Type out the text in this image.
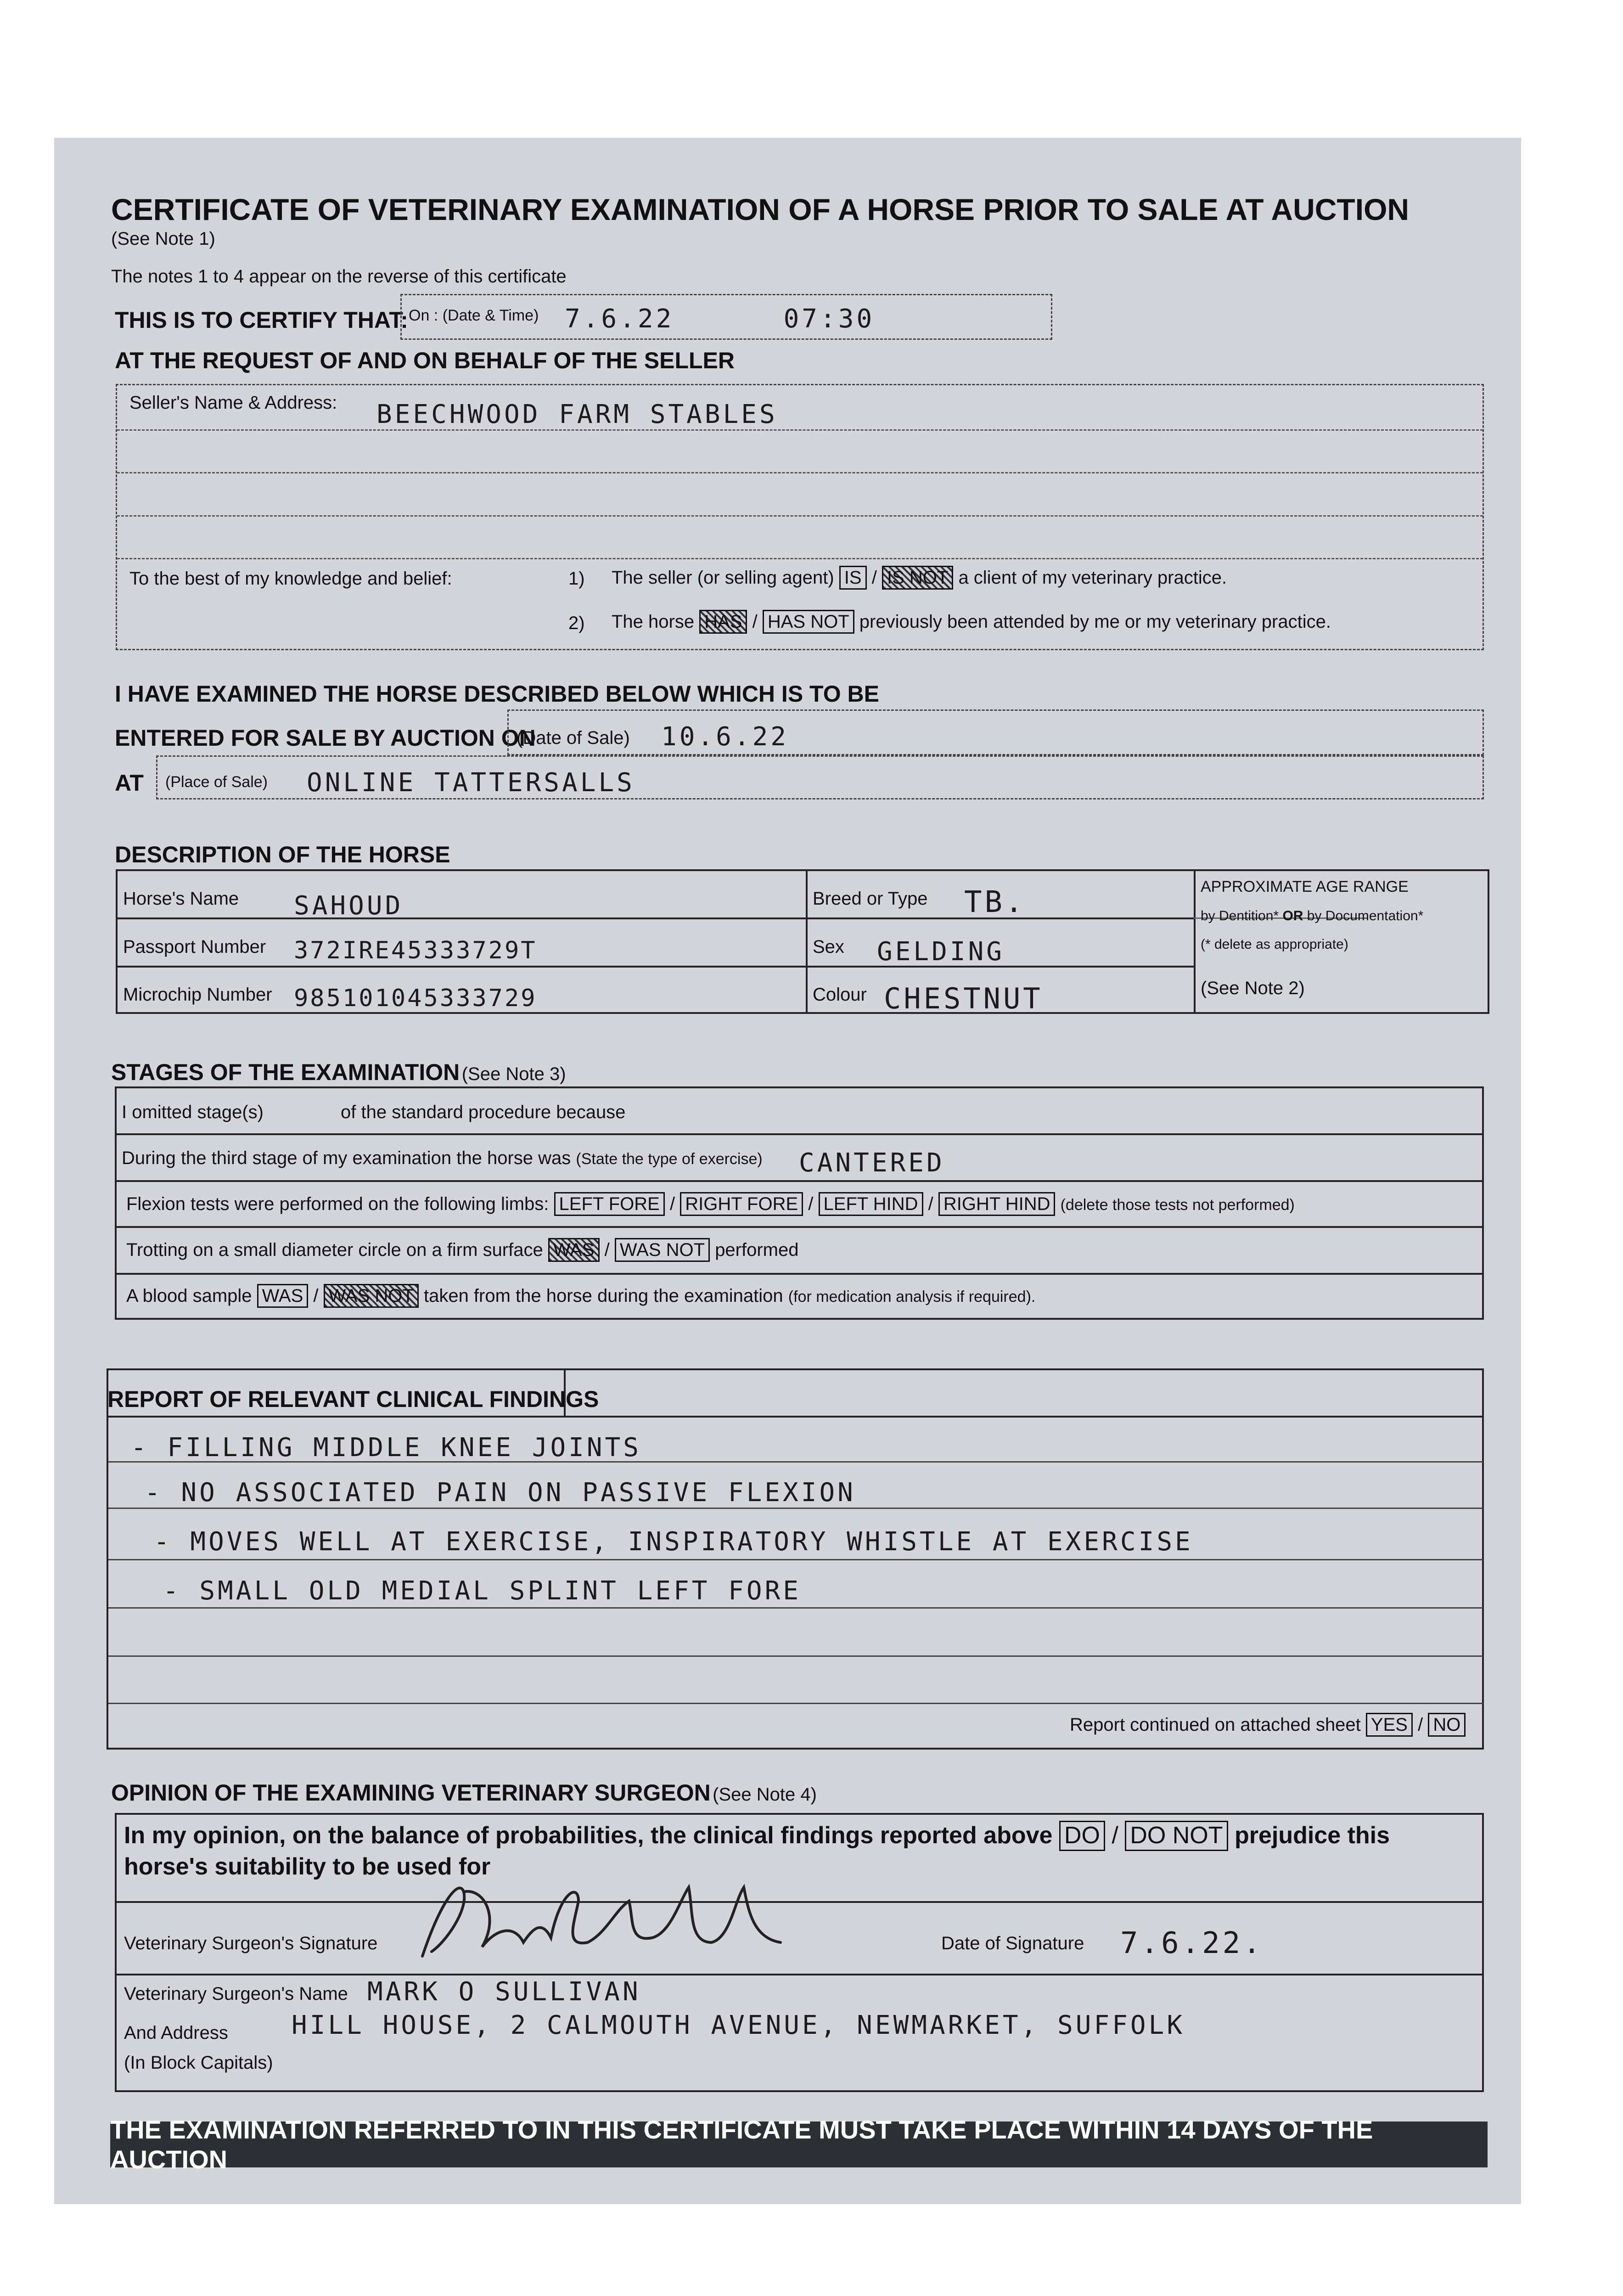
CERTIFICATE OF VETERINARY EXAMINATION OF A HORSE PRIOR TO SALE AT AUCTION
(See Note 1)
The notes 1 to 4 appear on the reverse of this certificate
THIS IS TO CERTIFY THAT: On : (Date & Time) 7.6.22      07:30
AT THE REQUEST OF AND ON BEHALF OF THE SELLER
Seller's Name & Address: BEECHWOOD FARM STABLES
To the best of my knowledge and belief:	1) The seller (or selling agent) IS / IS NOT a client of my veterinary practice.
2) The horse HAS / HAS NOT previously been attended by me or my veterinary practice.
I HAVE EXAMINED THE HORSE DESCRIBED BELOW WHICH IS TO BE
ENTERED FOR SALE BY AUCTION ON
(Date of Sale) 10.6.22
AT (Place of Sale) ONLINE TATTERSALLS
DESCRIPTION OF THE HORSE
Horse's Name SAHOUD
Passport Number 372IRE45333729T
Microchip Number 985101045333729
Breed or Type TB.
Sex GELDING
Colour CHESTNUT
APPROXIMATE AGE RANGE
by Dentition* OR by Documentation*
(* delete as appropriate)
(See Note 2)
STAGES OF THE EXAMINATION (See Note 3)
I omitted stage(s)	of the standard procedure because
During the third stage of my examination the horse was (State the type of exercise) CANTERED
Flexion tests were performed on the following limbs: LEFT FORE / RIGHT FORE / LEFT HIND / RIGHT HIND (delete those tests not performed)
Trotting on a small diameter circle on a firm surface WAS / WAS NOT performed
A blood sample WAS / WAS NOT taken from the horse during the examination (for medication analysis if required).
REPORT OF RELEVANT CLINICAL FINDINGS
- FILLING MIDDLE KNEE JOINTS
- NO ASSOCIATED PAIN ON PASSIVE FLEXION
- MOVES WELL AT EXERCISE, INSPIRATORY WHISTLE AT EXERCISE
- SMALL OLD MEDIAL SPLINT LEFT FORE
Report continued on attached sheet YES / NO
OPINION OF THE EXAMINING VETERINARY SURGEON (See Note 4)
In my opinion, on the balance of probabilities, the clinical findings reported above DO / DO NOT prejudice this
horse's suitability to be used for
Veterinary Surgeon's Signature	Date of Signature 7.6.22.
Veterinary Surgeon's Name MARK O SULLIVAN
And Address HILL HOUSE, 2 CALMOUTH AVENUE, NEWMARKET, SUFFOLK
(In Block Capitals)
THE EXAMINATION REFERRED TO IN THIS CERTIFICATE MUST TAKE PLACE WITHIN 14 DAYS OF THE AUCTION
